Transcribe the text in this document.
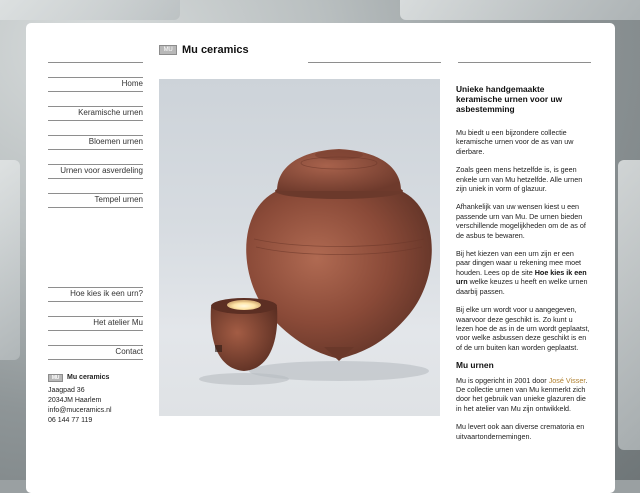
MU Mu ceramics
Home
Keramische urnen
Bloemen urnen
Urnen voor asverdeling
Tempel urnen
Hoe kies ik een urn?
Het atelier Mu
Contact
MU	Mu ceramics
Jaagpad 36
2034JM Haarlem
info@muceramics.nl
06 144 77 119
Unieke handgemaakte keramische urnen voor uw asbestemming

Mu biedt u een bijzondere collectie keramische urnen voor de as van uw dierbare.

Zoals geen mens hetzelfde is, is geen enkele urn van Mu hetzelfde. Alle urnen zijn uniek in vorm of glazuur.

Afhankelijk van uw wensen kiest u een passende urn van Mu. De urnen bieden verschillende mogelijkheden om de as of de asbus te bewaren.

Bij het kiezen van een urn zijn er een paar dingen waar u rekening mee moet houden. Lees op de site Hoe kies ik een urn welke keuzes u heeft en welke urnen daarbij passen.

Bij elke urn wordt voor u aangegeven, waarvoor deze geschikt is. Zo kunt u lezen hoe de as in de urn wordt geplaatst, voor welke asbussen deze geschikt is en of de urn buiten kan worden geplaatst.

Mu urnen

Mu is opgericht in 2001 door José Visser. De collectie urnen van Mu kenmerkt zich door het gebruik van unieke glazuren die in het atelier van Mu zijn ontwikkeld.

Mu levert ook aan diverse crematoria en uitvaartondernemingen.
